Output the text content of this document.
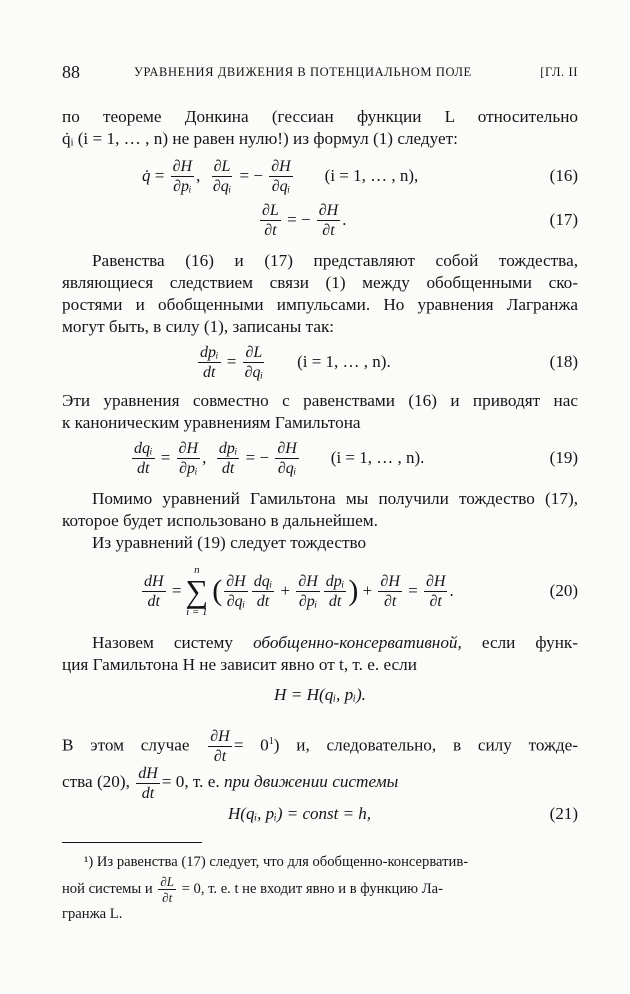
88	УРАВНЕНИЯ ДВИЖЕНИЯ В ПОТЕНЦИАЛЬНОМ ПОЛЕ	[ГЛ. II
по теореме Донкина (гессиан функции L относительно
q̇ᵢ (i = 1, … , n) не равен нулю!) из формул (1) следует:
q̇ = $\frac{\partial H}{\text{∂pᵢ}}$ , $\frac{\partial L}{\text{∂qᵢ}}$ = − $\frac{\partial H}{\text{∂qᵢ}} (i = 1$, … , n),	(16)
$\frac{\partial L}{\partial t}$ = − $\frac{\partial H}{\partial t}$ .	(17)
Равенства (16) и (17) представляют собой тождества,
являющиеся следствием связи (1) между обобщенными ско-
ростями и обобщенными импульсами. Но уравнения Лагранжа
могут быть, в силу (1), записаны так:
$\frac{\text{dpᵢ}}{dt} = \frac{\partial L}{\text{∂qᵢ}} (i = 1$, … , n).	(18)
Эти уравнения совместно с равенствами (16) и приводят нас
к каноническим уравнениям Гамильтона
$\frac{\text{dqᵢ}}{dt} = \frac{\partial H}{\text{∂pᵢ}}$ , $\frac{\text{dpᵢ}}{dt}$ = − $\frac{\partial H}{\text{∂qᵢ}} (i = 1$, … , n).	(19)
Помимо уравнений Гамильтона мы получили тождество (17),
которое будет использовано в дальнейшем.
Из уравнений (19) следует тождество
$\frac{dH}{dt}$ =
n
∑
i = 1
( $\frac{\partial H}{\text{∂qᵢ}} \frac{\text{dqᵢ}}{dt} + \frac{\partial H}{\text{∂pᵢ}} \frac{\text{dpᵢ}}{dt}$ ) + $\frac{\partial H}{\partial t} = \frac{\partial H}{\partial t}$ .	(20)
Назовем систему обобщенно-консервативной, если функ-
ция Гамильтона H не зависит явно от t, т. е. если
H = H(qᵢ, pᵢ).
В этом случае $\frac{\partial H}{\partial t} = 0^1$) и, следовательно, в силу тожде-
ства (20), $\frac{dH}{dt} = 0$, т. е. при движении системы
H(qᵢ, pᵢ) = const = h,	(21)
¹) Из равенства (17) следует, что для обобщенно-консерватив-
ной системы и $\frac{\partial L}{\partial t} = 0$, т. е. t не входит явно и в функцию Ла-
гранжа L.
